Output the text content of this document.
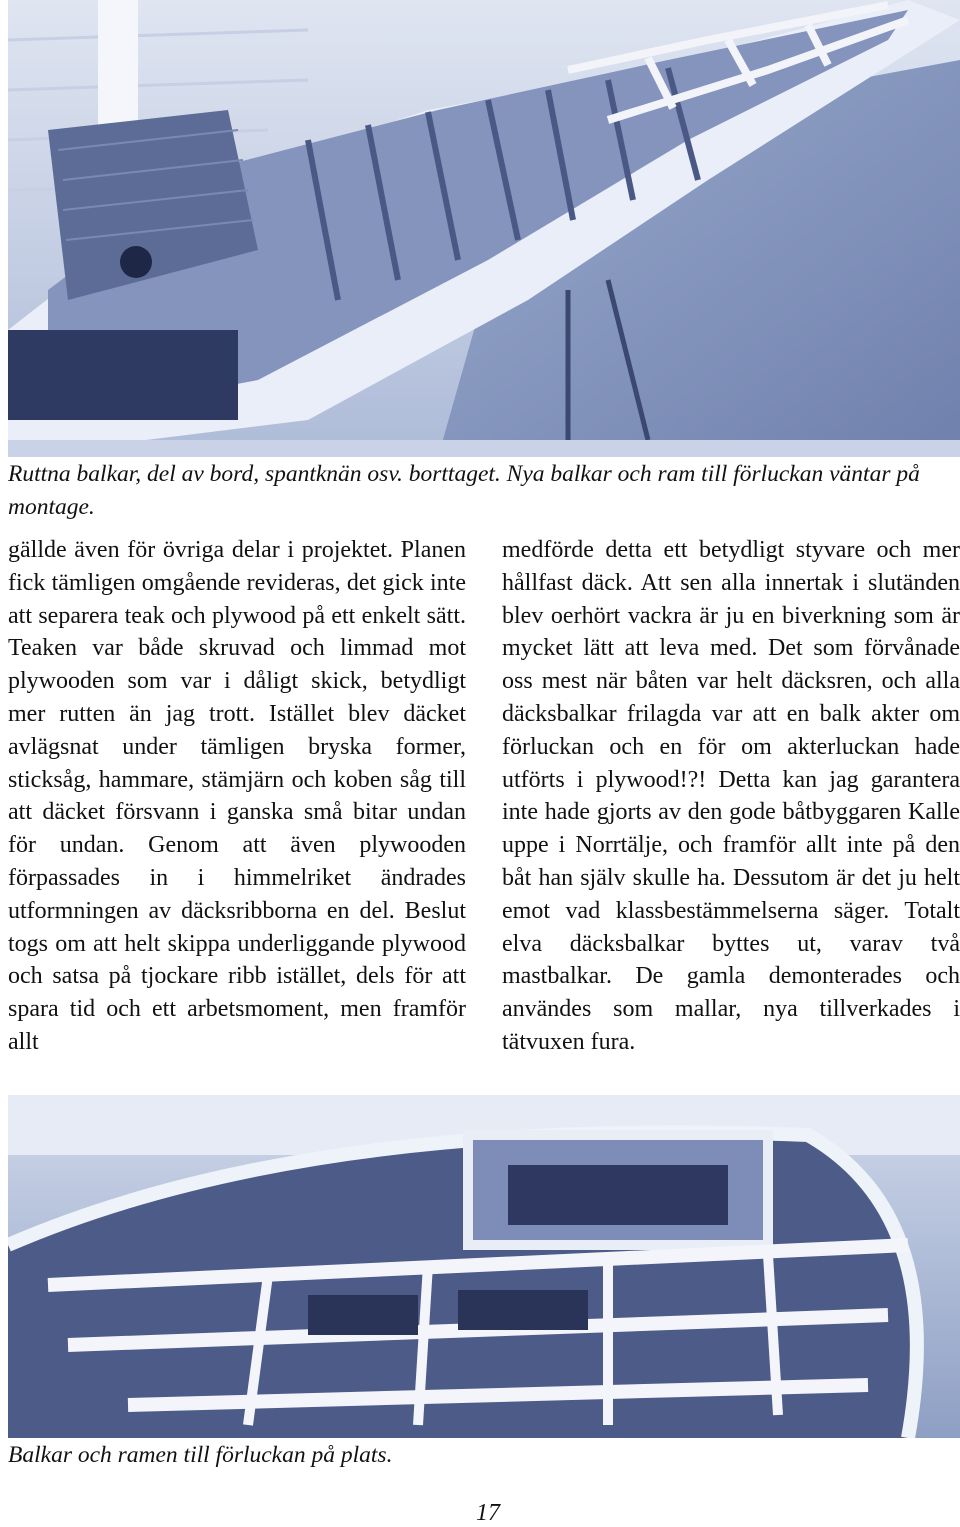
Ruttna balkar, del av bord, spantknän osv. borttaget. Nya balkar och ram till förluckan väntar på montage.

gällde även för övriga delar i projektet. Planen fick tämligen omgående revideras, det gick inte att separera teak och plywood på ett enkelt sätt. Teaken var både skruvad och limmad mot plywooden som var i dåligt skick, betydligt mer rutten än jag trott. Istället blev däcket avlägsnat under tämligen bryska former, sticksåg, hammare, stämjärn och koben såg till att däcket försvann i ganska små bitar undan för undan. Genom att även plywooden förpassades in i himmelriket ändrades utformningen av däcksribborna en del. Beslut togs om att helt skippa underliggande plywood och satsa på tjockare ribb istället, dels för att spara tid och ett arbetsmoment, men framför allt

medförde detta ett betydligt styvare och mer hållfast däck. Att sen alla innertak i slutänden blev oerhört vackra är ju en biverkning som är mycket lätt att leva med. Det som förvånade oss mest när båten var helt däcksren, och alla däcksbalkar frilagda var att en balk akter om förluckan och en för om akterluckan hade utförts i plywood!?! Detta kan jag garantera inte hade gjorts av den gode båtbyggaren Kalle uppe i Norrtälje, och framför allt inte på den båt han själv skulle ha. Dessutom är det ju helt emot vad klassbestämmelserna säger. Totalt elva däcksbalkar byttes ut, varav två mastbalkar. De gamla demonterades och användes som mallar, nya tillverkades i tätvuxen fura.

Balkar och ramen till förluckan på plats.

17
